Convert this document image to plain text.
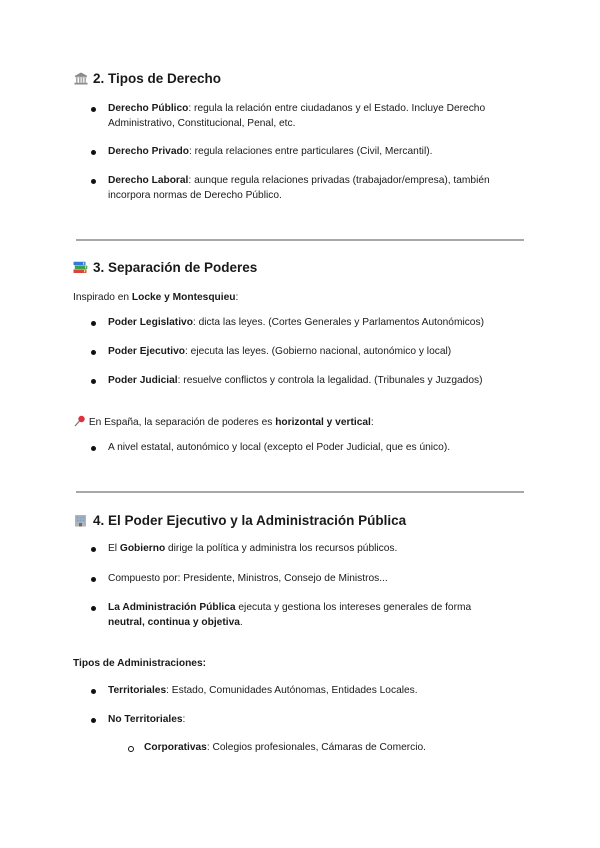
2. Tipos de Derecho
Derecho Público: regula la relación entre ciudadanos y el Estado. Incluye Derecho
Administrativo, Constitucional, Penal, etc.
Derecho Privado: regula relaciones entre particulares (Civil, Mercantil).
Derecho Laboral: aunque regula relaciones privadas (trabajador/empresa), también
incorpora normas de Derecho Público.
3. Separación de Poderes
Inspirado en Locke y Montesquieu:
Poder Legislativo: dicta las leyes. (Cortes Generales y Parlamentos Autonómicos)
Poder Ejecutivo: ejecuta las leyes. (Gobierno nacional, autonómico y local)
Poder Judicial: resuelve conflictos y controla la legalidad. (Tribunales y Juzgados)
En España, la separación de poderes es horizontal y vertical:
A nivel estatal, autonómico y local (excepto el Poder Judicial, que es único).
4. El Poder Ejecutivo y la Administración Pública
El Gobierno dirige la política y administra los recursos públicos.
Compuesto por: Presidente, Ministros, Consejo de Ministros...
La Administración Pública ejecuta y gestiona los intereses generales de forma
neutral, continua y objetiva.
Tipos de Administraciones:
Territoriales: Estado, Comunidades Autónomas, Entidades Locales.
No Territoriales:
Corporativas: Colegios profesionales, Cámaras de Comercio.
